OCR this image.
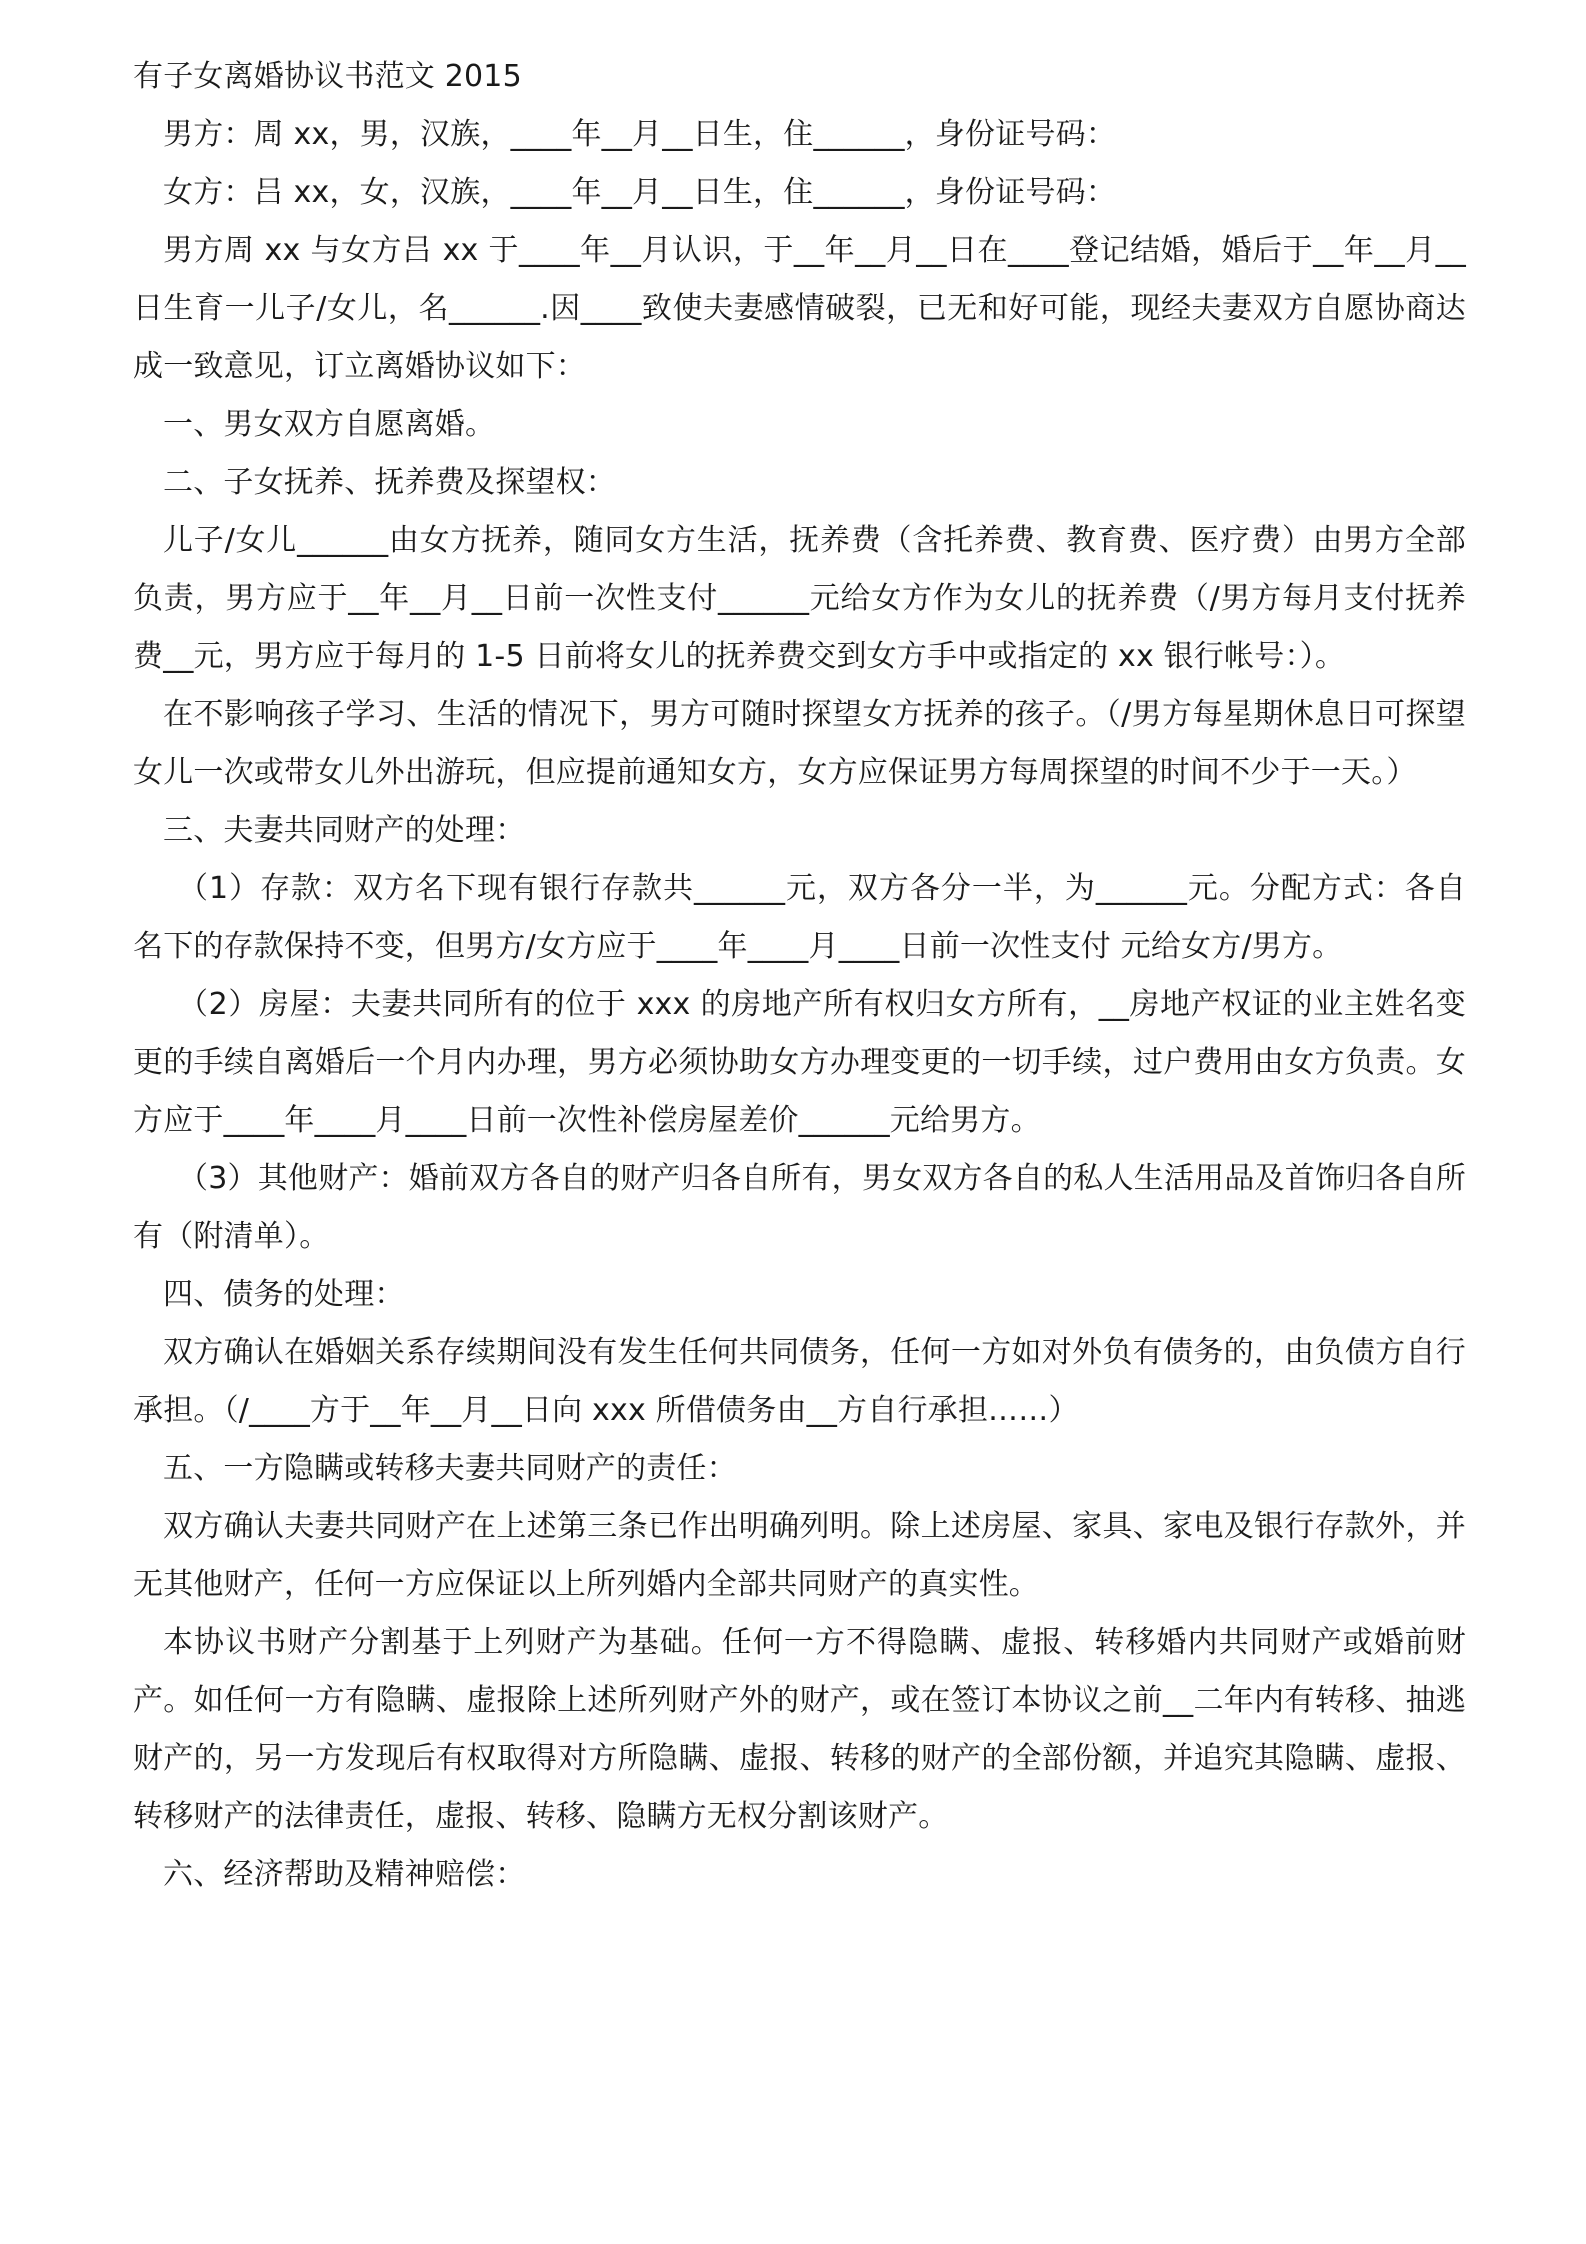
有子女离婚协议书范文 2015

男方：周 xx，男，汉族，____年__月__日生，住______，身份证号码：

女方：吕 xx，女，汉族，____年__月__日生，住______，身份证号码：

男方周 xx 与女方吕 xx 于____年__月认识，于__年__月__日在____登记结婚，婚后于__年__月__日生育一儿子/女儿，名______.因____致使夫妻感情破裂，已无和好可能，现经夫妻双方自愿协商达成一致意见，订立离婚协议如下：

一、男女双方自愿离婚。

二、子女抚养、抚养费及探望权：

儿子/女儿______由女方抚养，随同女方生活，抚养费（含托养费、教育费、医疗费）由男方全部负责，男方应于__年__月__日前一次性支付______元给女方作为女儿的抚养费（/男方每月支付抚养费__元，男方应于每月的 1-5 日前将女儿的抚养费交到女方手中或指定的 xx 银行帐号：）。

在不影响孩子学习、生活的情况下，男方可随时探望女方抚养的孩子。（/男方每星期休息日可探望女儿一次或带女儿外出游玩，但应提前通知女方，女方应保证男方每周探望的时间不少于一天。）

三、夫妻共同财产的处理：

（1）存款：双方名下现有银行存款共______元，双方各分一半，为______元。分配方式：各自名下的存款保持不变，但男方/女方应于____年____月____日前一次性支付 元给女方/男方。

（2）房屋：夫妻共同所有的位于 xxx 的房地产所有权归女方所有，__房地产权证的业主姓名变更的手续自离婚后一个月内办理，男方必须协助女方办理变更的一切手续，过户费用由女方负责。女方应于____年____月____日前一次性补偿房屋差价______元给男方。

（3）其他财产：婚前双方各自的财产归各自所有，男女双方各自的私人生活用品及首饰归各自所有（附清单）。

四、债务的处理：

双方确认在婚姻关系存续期间没有发生任何共同债务，任何一方如对外负有债务的，由负债方自行承担。（/____方于__年__月__日向 xxx 所借债务由__方自行承担……）

五、一方隐瞒或转移夫妻共同财产的责任：

双方确认夫妻共同财产在上述第三条已作出明确列明。除上述房屋、家具、家电及银行存款外，并无其他财产，任何一方应保证以上所列婚内全部共同财产的真实性。

本协议书财产分割基于上列财产为基础。任何一方不得隐瞒、虚报、转移婚内共同财产或婚前财产。如任何一方有隐瞒、虚报除上述所列财产外的财产，或在签订本协议之前__二年内有转移、抽逃财产的，另一方发现后有权取得对方所隐瞒、虚报、转移的财产的全部份额，并追究其隐瞒、虚报、转移财产的法律责任，虚报、转移、隐瞒方无权分割该财产。

六、经济帮助及精神赔偿：
